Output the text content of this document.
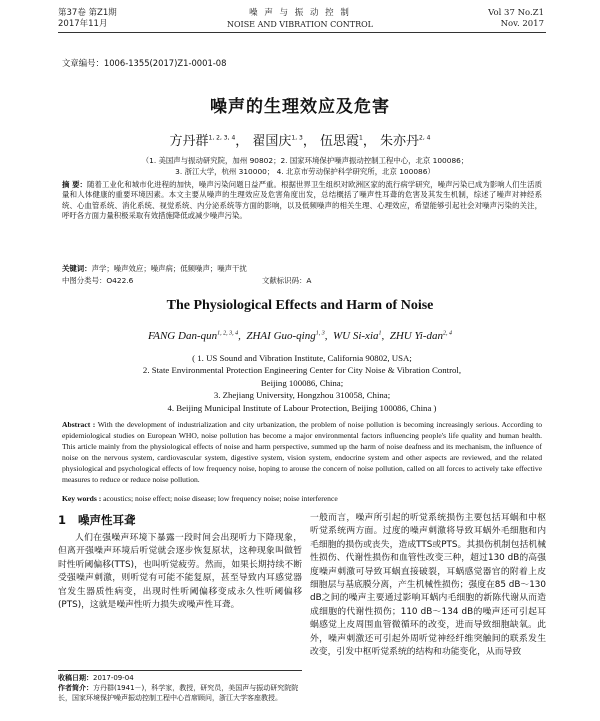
第37卷 第Z1期
2017年11月
噪 声 与 振 动 控 制
NOISE AND VIBRATION CONTROL
Vol 37 No.Z1
Nov. 2017
文章编号：1006-1355(2017)Z1-0001-08
噪声的生理效应及危害
方丹群$^{1, 2, 3, 4}$， 翟国庆$^{1, 3}$， 伍思霞$^1$， 朱亦丹$^{2, 4}$
（1. 美国声与振动研究院，加州 90802；2. 国家环境保护噪声振动控制工程中心，北京 100086；
3. 浙江大学，杭州 310000； 4. 北京市劳动保护科学研究所，北京 100086）
摘 要：随着工业化和城市化进程的加快，噪声污染问题日益严重。根据世界卫生组织对欧洲区家的流行病学研究，噪声污染已成为影响人们生活质量和人体健康的重要环境因素。本文主要从噪声的生理效应及危害角度出发，总结概括了噪声性耳聋的危害及其发生机制，综述了噪声对神经系统、心血管系统、消化系统、视觉系统、内分泌系统等方面的影响，以及低频噪声的相关生理、心理效应，希望能够引起社会对噪声污染的关注，呼吁各方面力量积极采取有效措施降低或减少噪声污染。
关键词：声学；噪声效应；噪声病；低频噪声；噪声干扰
中图分类号：O422.6	文献标识码：A
The Physiological Effects and Harm of Noise
FANG Dan-qun$^{1, 2, 3, 4}$,  ZHAI Guo-qing$^{1, 3}$,  WU Si-xia$^1$,  ZHU Yi-dan$^{2, 4}$
( 1. US Sound and Vibration Institute, California 90802, USA;
2. State Environmental Protection Engineering Center for City Noise & Vibration Control,
Beijing 100086, China;
3. Zhejiang University, Hongzhou 310058, China;
4. Beijing Municipal Institute of Labour Protection, Beijing 100086, China )
Abstract : With the development of industrialization and city urbanization, the problem of noise pollution is becoming increasingly serious. According to epidemiological studies on European WHO, noise pollution has become a major environmental factors influencing people's life quality and human health. This article mainly from the physiological effects of noise and harm perspective, summed up the harm of noise deafness and its mechanism, the influence of noise on the nervous system, cardiovascular system, digestive system, vision system, endocrine system and other aspects are reviewed, and the related physiological and psychological effects of low frequency noise, hoping to arouse the concern of noise pollution, called on all forces to actively take effective measures to reduce or reduce noise pollution.
Key words : acoustics; noise effect; noise disease; low frequency noise; noise interference
1 噪声性耳聋

人们在强噪声环境下暴露一段时间会出现听力下降现象，但离开强噪声环境后听觉就会逐步恢复原状，这种现象叫做暂时性听阈偏移(TTS)，也叫听觉疲劳。然而，如果长期持续不断受强噪声刺激，则听觉有可能不能复原，甚至导致内耳感觉器官发生器质性病变，出现时性听阈偏移变成永久性听阈偏移(PTS)，这就是噪声性听力损失或噪声性耳聋。

收稿日期：2017-09-04
作者简介：方丹群(1941－)，科学家，教授，研究员，美国声与振动研究院院长，国家环境保护噪声振动控制工程中心首席顾问，浙江大学客座教授。

一般而言，噪声所引起的听觉系统损伤主要包括耳蜗和中枢听觉系统两方面。过度的噪声刺激将导致耳蜗外毛细胞和内毛细胞的损伤或丧失，造成TTS或PTS。其损伤机制包括机械性损伤、代谢性损伤和血管性改变三种，超过130 dB的高强度噪声刺激可导致耳蜗直接破裂，耳蜗感觉器官的附着上皮细胞层与基底膜分离，产生机械性损伤；强度在85 dB～130 dB之间的噪声主要通过影响耳蜗内毛细胞的新陈代谢从而造成细胞的代谢性损伤；110 dB～134 dB的噪声还可引起耳蜗感觉上皮周围血管微循环的改变，进而导致细胞缺氧。此外，噪声刺激还可引起外周听觉神经纤维突触间的联系发生改变，引发中枢听觉系统的结构和功能变化，从而导致
